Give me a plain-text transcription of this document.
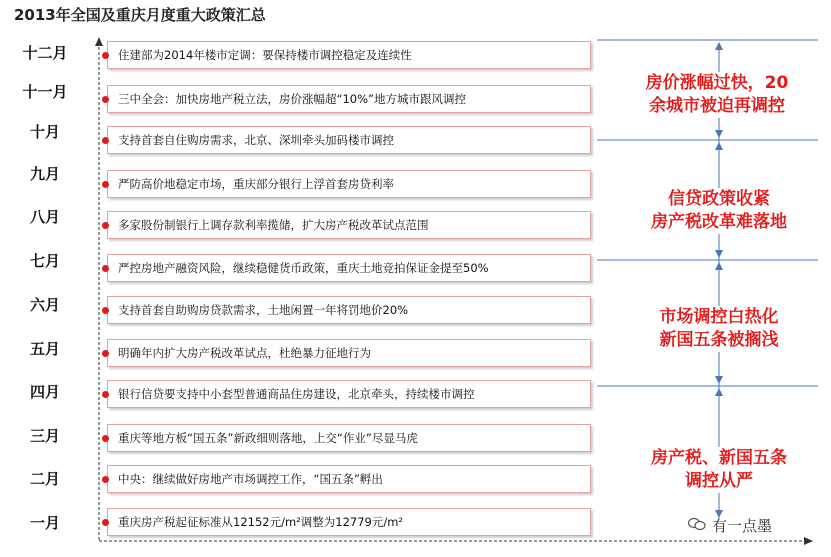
2013年全国及重庆月度重大政策汇总
十二月
十一月
十月
九月
八月
七月
六月
五月
四月
三月
二月
一月
住建部为2014年楼市定调：要保持楼市调控稳定及连续性
三中全会：加快房地产税立法，房价涨幅超“10%”地方城市跟风调控
支持首套自住购房需求，北京、深圳牵头加码楼市调控
严防高价地稳定市场，重庆部分银行上浮首套房贷利率
多家股份制银行上调存款利率揽储，扩大房产税改革试点范围
严控房地产融资风险，继续稳健货币政策，重庆土地竞拍保证金提至50%
支持首套自助购房贷款需求，土地闲置一年将罚地价20%
明确年内扩大房产税改革试点，杜绝暴力征地行为
银行信贷要支持中小套型普通商品住房建设，北京牵头，持续楼市调控
重庆等地方板“国五条”新政细则落地，上交“作业”尽显马虎
中央：继续做好房地产市场调控工作，“国五条”孵出
重庆房产税起征标准从12152元/m²调整为12779元/m²
房价涨幅过快，20
余城市被迫再调控
信贷政策收紧
房产税改革难落地
市场调控白热化
新国五条被搁浅
房产税、新国五条
调控从严
有一点墨
